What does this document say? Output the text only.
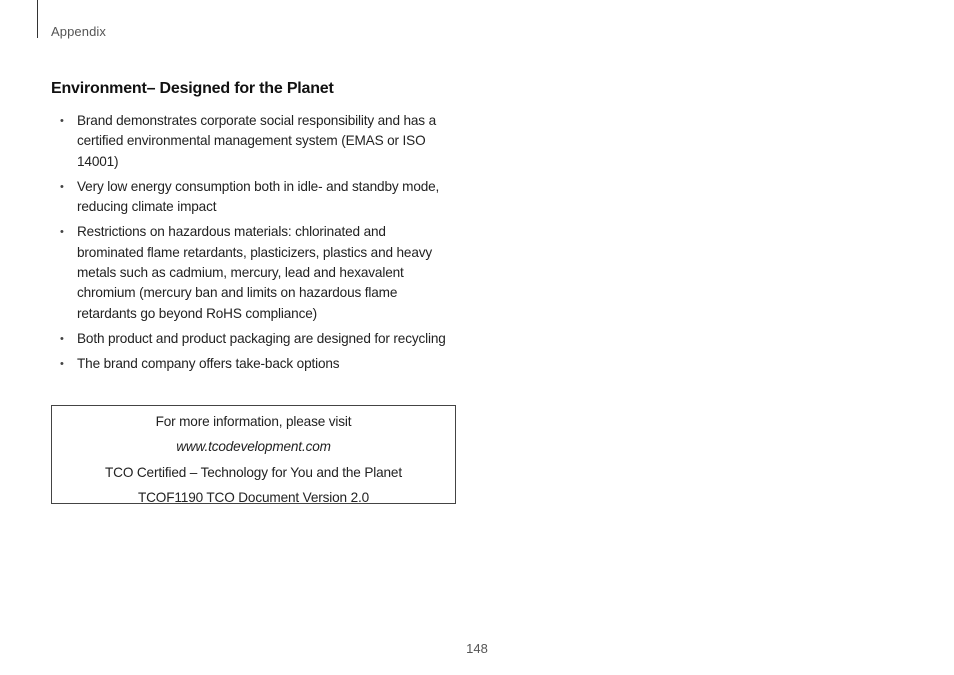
Appendix
Environment– Designed for the Planet
• Brand demonstrates corporate social responsibility and has a certified environmental management system (EMAS or ISO 14001)
• Very low energy consumption both in idle- and standby mode, reducing climate impact
• Restrictions on hazardous materials: chlorinated and brominated flame retardants, plasticizers, plastics and heavy metals such as cadmium, mercury, lead and hexavalent chromium (mercury ban and limits on hazardous flame retardants go beyond RoHS compliance)
• Both product and product packaging are designed for recycling
• The brand company offers take-back options

For more information, please visit

www.tcodevelopment.com

TCO Certified – Technology for You and the Planet

TCOF1190 TCO Document Version 2.0

148
